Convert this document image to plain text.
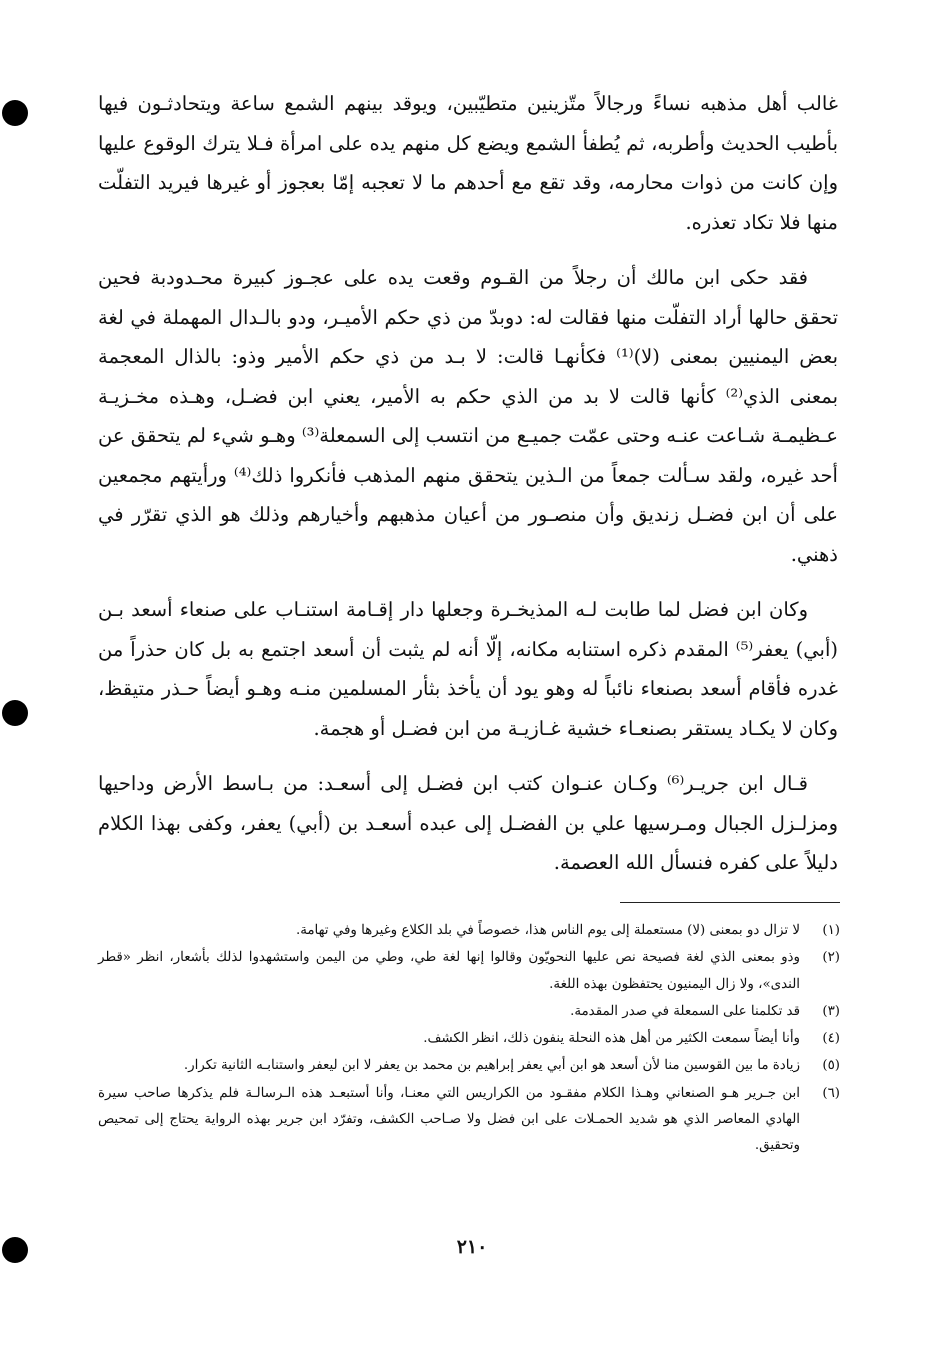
غالب أهل مذهبه نساءً ورجالاً متّزينين متطيّبين، ويوقد بينهم الشمع ساعة ويتحادثـون فيها بأطيب الحديث وأطربه، ثم يُطفأ الشمع ويضع كل منهم يده على امرأة فـلا يترك الوقوع عليها وإن كانت من ذوات محارمه، وقد تقع مع أحدهم ما لا تعجبه إمّا بعجوز أو غيرها فيريد التفلّت منها فلا تكاد تعذره.

فقد حكى ابن مالك أن رجلاً من القـوم وقعت يده على عجـوز كبيرة محـدودبة فحين تحقق حالها أراد التفلّت منها فقالت له: دوبدّ من ذي حكم الأميـر، ودو بالـدال المهملة في لغة بعض اليمنيين بمعنى (لا)⁽¹⁾ فكأنهـا قالت: لا بـد من ذي حكم الأمير وذو: بالذال المعجمة بمعنى الذي⁽²⁾ كأنها قالت لا بد من الذي حكم به الأمير، يعني ابن فضـل، وهـذه مخـزيـة عـظيمـة شـاعت عنـه وحتى عمّت جميـع من انتسب إلى السمعلة⁽³⁾ وهـو شيء لم يتحقق عن أحد غيره، ولقد سـألت جمعاً من الـذين يتحقق منهم المذهب فأنكروا ذلك⁽⁴⁾ ورأيتهم مجمعين على أن ابن فضـل زنديق وأن منصـور من أعيان مذهبهم وأخيارهم وذلك هو الذي تقرّر في ذهني.

وكان ابن فضل لما طابت لـه المذيخـرة وجعلها دار إقـامة استنـاب على صنعاء أسعد بـن (أبي) يعفر⁽⁵⁾ المقدم ذكره استنابه مكانه، إلّا أنه لم يثبت أن أسعد اجتمع به بل كان حذراً من غدره فأقام أسعد بصنعاء نائباً له وهو يود أن يأخذ بثأر المسلمين منـه وهـو أيضاً حـذر متيقظ، وكان لا يكـاد يستقر بصنعـاء خشية غـازيـة من ابن فضـل أو هجمة.

قـال ابن جريـر⁽⁶⁾ وكـان عنـوان كتب ابن فضـل إلى أسعـد: من بـاسط الأرض وداحيها ومزلـزل الجبال ومـرسيها علي بن الفضـل إلى عبده أسعـد بن (أبي) يعفر، وكفى بهذا الكلام دليلاً على كفره فنسأل الله العصمة.

(١)
لا تزال دو بمعنى (لا) مستعملة إلى يوم الناس هذا، خصوصاً في بلد الكلاع وغيرها وفي تهامة.
(٢)
وذو بمعنى الذي لغة فصيحة نص عليها النحويّون وقالوا إنها لغة طي، وطي من اليمن واستشهدوا لذلك بأشعار، انظر «قطر الندى»، ولا زال اليمنيون يحتفظون بهذه اللغة.
(٣)
قد تكلمنا على السمعلة في صدر المقدمة.
(٤)
وأنا أيضاً سمعت الكثير من أهل هذه النحلة ينفون ذلك، انظر الكشف.
(٥)
زيادة ما بين القوسين منا لأن أسعد هو ابن أبي يعفر إبراهيم بن محمد بن يعفر لا ابن ليعفر واستنابـه الثانية تكرار.
(٦)
ابن جـرير هـو الصنعاني وهـذا الكلام مفقـود من الكراريس التي معنـا، وأنا أستبعـد هذه الـرسالـة فلم يذكرها صاحب سيرة الهادي المعاصر الذي هو شديد الحمـلات على ابن فضل ولا صـاحب الكشف، وتفرّد ابن جرير بهذه الرواية يحتاج إلى تمحيص وتحقيق.
٢١٠
